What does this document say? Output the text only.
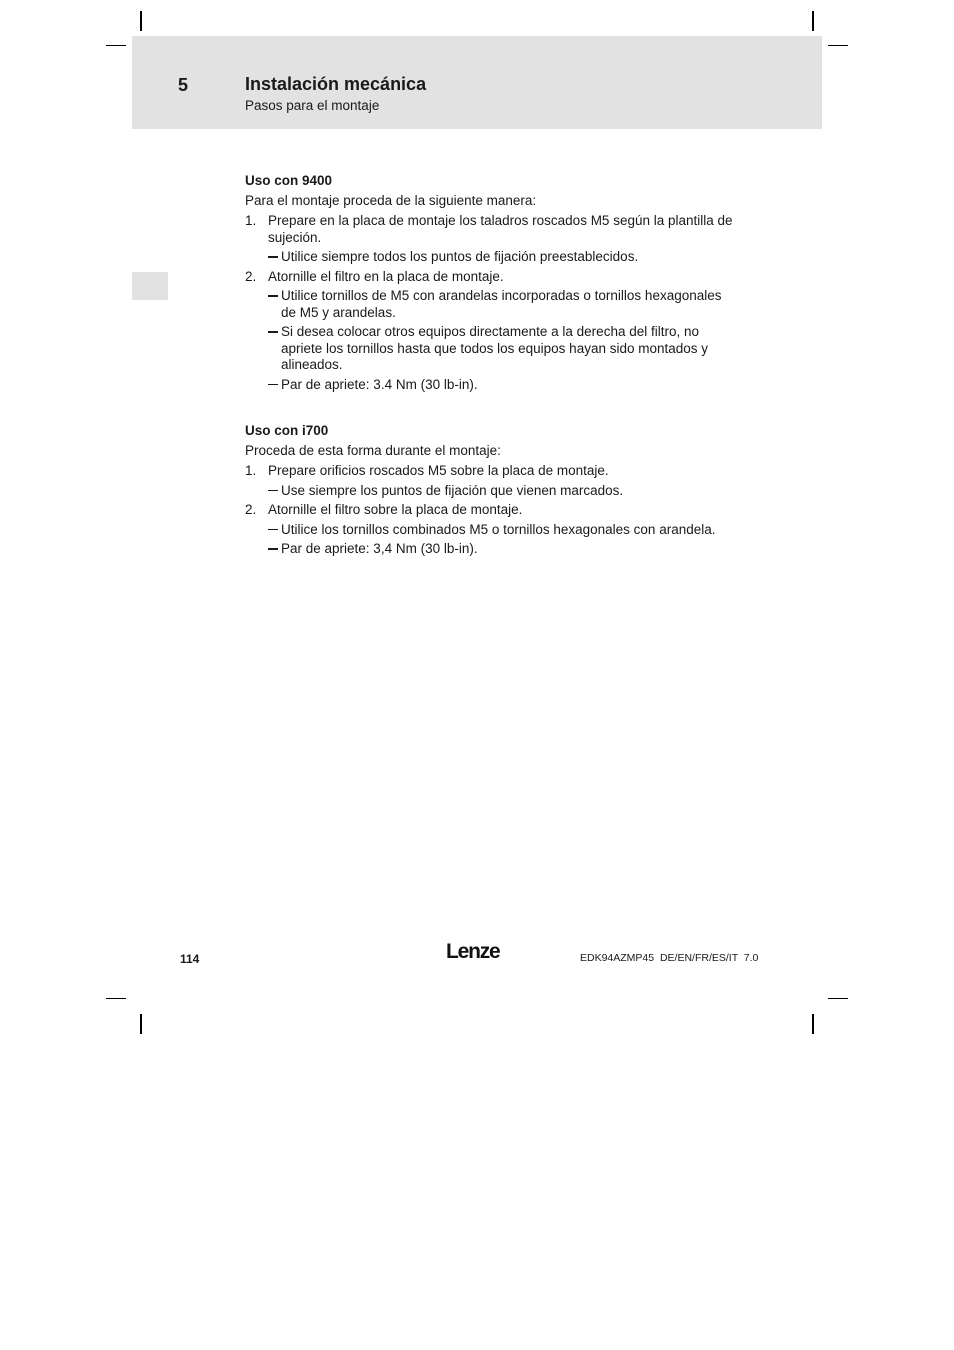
5	Instalación mecánica
Pasos para el montaje
Uso con 9400

Para el montaje proceda de la siguiente manera:

1. Prepare en la placa de montaje los taladros roscados M5 según la plantilla de sujeción.
Utilice siempre todos los puntos de fijación preestablecidos.
2. Atornille el filtro en la placa de montaje.
Utilice tornillos de M5 con arandelas incorporadas o tornillos hexagonales de M5 y arandelas.
Si desea colocar otros equipos directamente a la derecha del filtro, no apriete los tornillos hasta que todos los equipos hayan sido montados y alineados.
Par de apriete: 3.4 Nm (30 lb-in).
Uso con i700

Proceda de esta forma durante el montaje:

1. Prepare orificios roscados M5 sobre la placa de montaje.
Use siempre los puntos de fijación que vienen marcados.
2. Atornille el filtro sobre la placa de montaje.
Utilice los tornillos combinados M5 o tornillos hexagonales con arandela.
Par de apriete: 3,4 Nm (30 lb-in).
114	Lenze	EDK94AZMP45  DE/EN/FR/ES/IT  7.0
